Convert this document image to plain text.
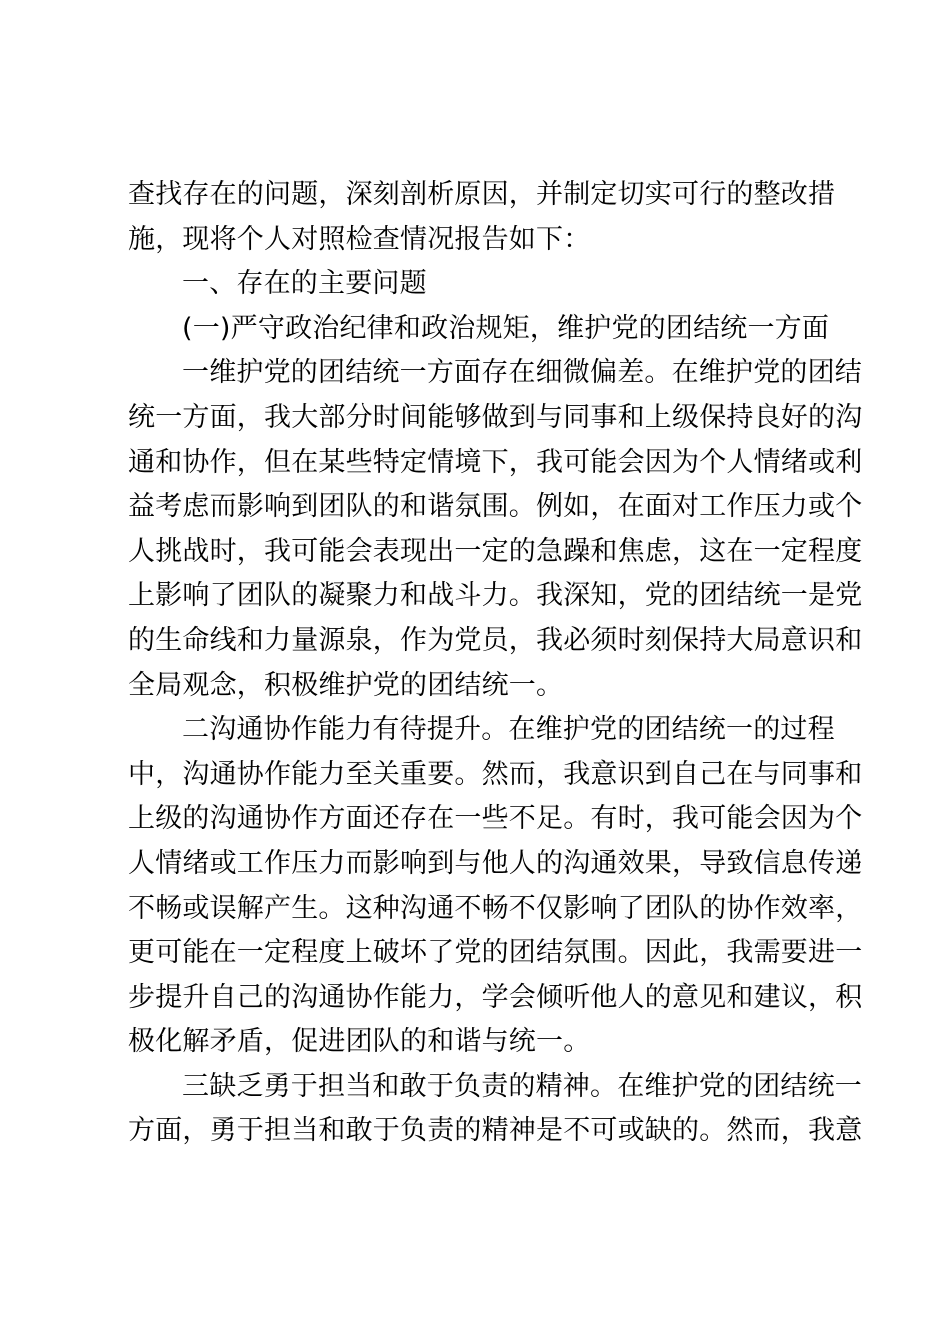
查找存在的问题，深刻剖析原因，并制定切实可行的整改措
施，现将个人对照检查情况报告如下：
一、存在的主要问题
(一)严守政治纪律和政治规矩，维护党的团结统一方面
一维护党的团结统一方面存在细微偏差。在维护党的团结
统一方面，我大部分时间能够做到与同事和上级保持良好的沟
通和协作，但在某些特定情境下，我可能会因为个人情绪或利
益考虑而影响到团队的和谐氛围。例如，在面对工作压力或个
人挑战时，我可能会表现出一定的急躁和焦虑，这在一定程度
上影响了团队的凝聚力和战斗力。我深知，党的团结统一是党
的生命线和力量源泉，作为党员，我必须时刻保持大局意识和
全局观念，积极维护党的团结统一。
二沟通协作能力有待提升。在维护党的团结统一的过程
中，沟通协作能力至关重要。然而，我意识到自己在与同事和
上级的沟通协作方面还存在一些不足。有时，我可能会因为个
人情绪或工作压力而影响到与他人的沟通效果，导致信息传递
不畅或误解产生。这种沟通不畅不仅影响了团队的协作效率，
更可能在一定程度上破坏了党的团结氛围。因此，我需要进一
步提升自己的沟通协作能力，学会倾听他人的意见和建议，积
极化解矛盾，促进团队的和谐与统一。
三缺乏勇于担当和敢于负责的精神。在维护党的团结统一
方面，勇于担当和敢于负责的精神是不可或缺的。然而，我意
